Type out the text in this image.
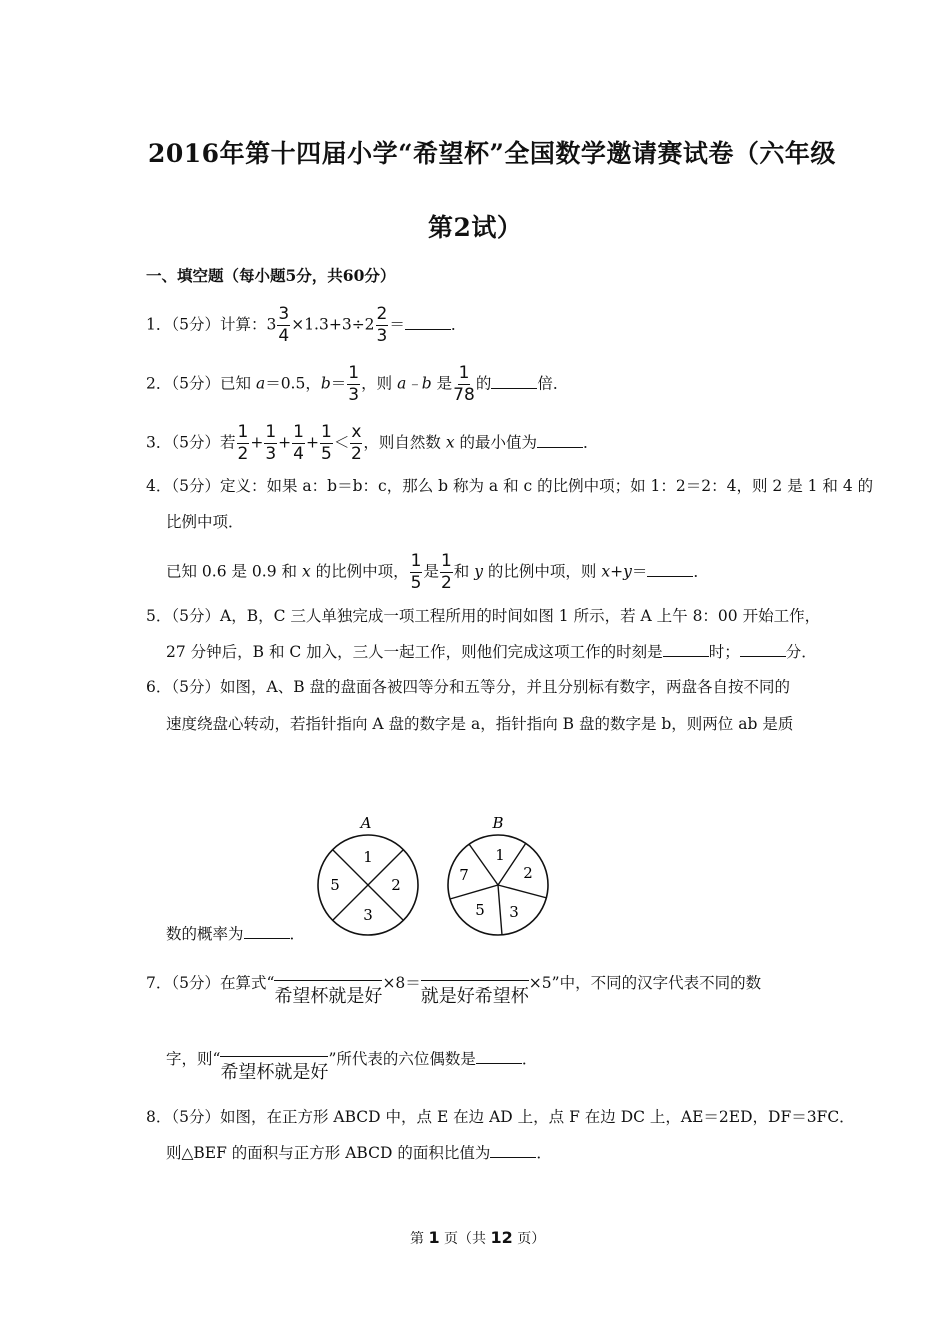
2016年第十四届小学“希望杯”全国数学邀请赛试卷（六年级
第2试）
一、填空题（每小题5分，共60分）
1．（5分）计算：$3 \frac{3}{4} \times 1.3+3\div 2 \frac{2}{3}$ ＝	．
2．（5分）已知 a＝0.5，$b= \frac{1}{3}$ ，则 a﹣b 是 $\frac{1}{78}$ 的	倍．
3．（5分）若 $\frac{1}{2} + \frac{1}{3} + \frac{1}{4} + \frac{1}{5} < \frac{x}{2}$ ，则自然数 x 的最小值为	．
4．（5分）定义：如果 a：b＝b：c，那么 b 称为 a 和 c 的比例中项；如 1：2＝2：4，则 2 是 1 和 4 的
比例中项．
已知 0.6 是 0.9 和 x 的比例中项， $\frac{1}{5}$ 是 $\frac{1}{2}$ 和 y 的比例中项，则 x+y＝	．
5．（5分）A，B，C 三人单独完成一项工程所用的时间如图 1 所示，若 A 上午 8：00 开始工作，
27 分钟后，B 和 C 加入，三人一起工作，则他们完成这项工作的时刻是	时；	分．
6．（5分）如图，A、B 盘的盘面各被四等分和五等分，并且分别标有数字，两盘各自按不同的
速度绕盘心转动，若指针指向 A 盘的数字是 a，指针指向 B 盘的数字是 b，则两位 ab 是质
数的概率为	．
A
1
2
3
5
B
1
2
3
5
7
7．（5分）在算式“希望杯就是好×8＝就是好希望杯×5”中，不同的汉字代表不同的数
字，则“希望杯就是好”所代表的六位偶数是	．
8．（5分）如图，在正方形 ABCD 中，点 E 在边 AD 上，点 F 在边 DC 上，AE＝2ED，DF＝3FC．
则△BEF 的面积与正方形 ABCD 的面积比值为	．
第 1 页（共 12 页）
